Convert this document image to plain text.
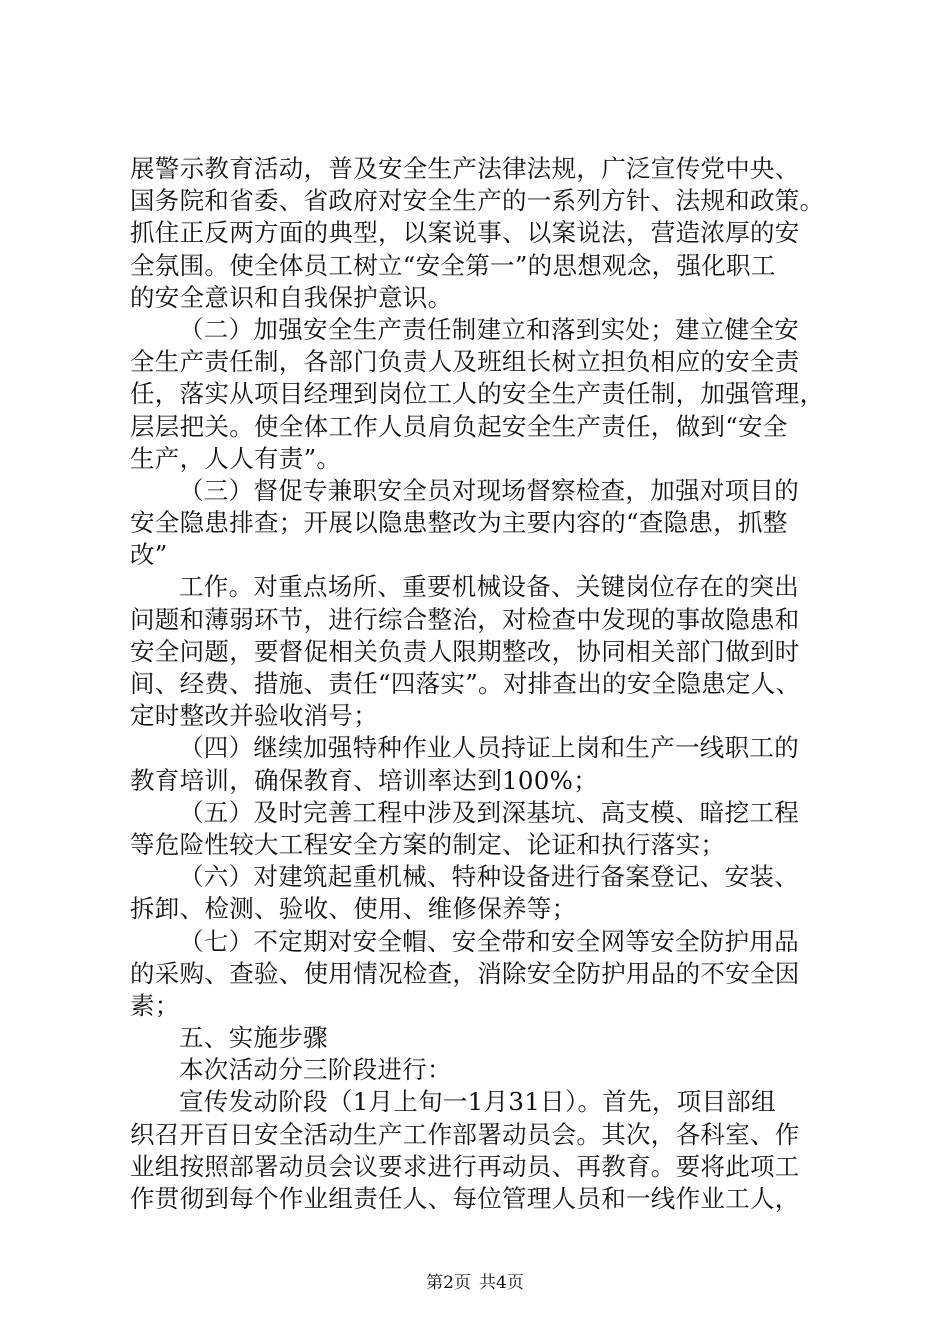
展警示教育活动，普及安全生产法律法规，广泛宣传党中央、
国务院和省委、省政府对安全生产的一系列方针、法规和政策。
抓住正反两方面的典型，以案说事、以案说法，营造浓厚的安
全氛围。使全体员工树立“安全第一”的思想观念，强化职工
的安全意识和自我保护意识。
（二）加强安全生产责任制建立和落到实处；建立健全安
全生产责任制，各部门负责人及班组长树立担负相应的安全责
任，落实从项目经理到岗位工人的安全生产责任制，加强管理，
层层把关。使全体工作人员肩负起安全生产责任，做到“安全
生产，人人有责”。
（三）督促专兼职安全员对现场督察检查，加强对项目的
安全隐患排查；开展以隐患整改为主要内容的“查隐患，抓整
改”
工作。对重点场所、重要机械设备、关键岗位存在的突出
问题和薄弱环节，进行综合整治，对检查中发现的事故隐患和
安全问题，要督促相关负责人限期整改，协同相关部门做到时
间、经费、措施、责任“四落实”。对排查出的安全隐患定人、
定时整改并验收消号；
（四）继续加强特种作业人员持证上岗和生产一线职工的
教育培训，确保教育、培训率达到100%；
（五）及时完善工程中涉及到深基坑、高支模、暗挖工程
等危险性较大工程安全方案的制定、论证和执行落实；
（六）对建筑起重机械、特种设备进行备案登记、安装、
拆卸、检测、验收、使用、维修保养等；
（七）不定期对安全帽、安全带和安全网等安全防护用品
的采购、查验、使用情况检查，消除安全防护用品的不安全因
素；
五、实施步骤
本次活动分三阶段进行：
宣传发动阶段（1月上旬一1月31日）。首先，项目部组
织召开百日安全活动生产工作部署动员会。其次，各科室、作
业组按照部署动员会议要求进行再动员、再教育。要将此项工
作贯彻到每个作业组责任人、每位管理人员和一线作业工人，
第2页 共4页
